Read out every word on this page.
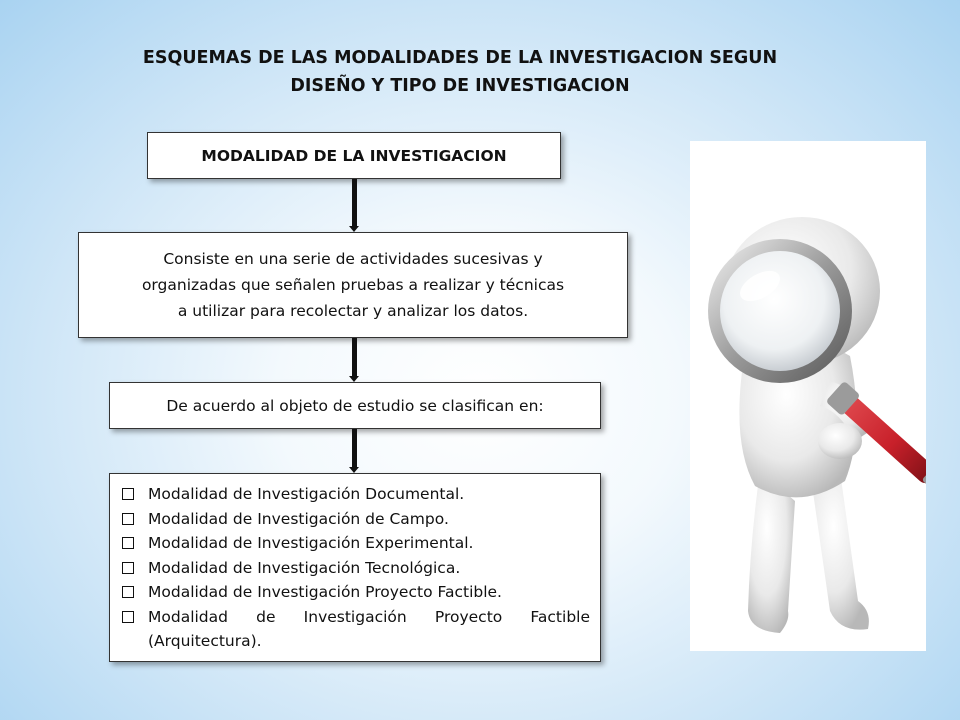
ESQUEMAS DE LAS MODALIDADES DE LA INVESTIGACION SEGUN
DISEÑO Y TIPO DE INVESTIGACION
MODALIDAD DE LA INVESTIGACION
Consiste en una serie de actividades sucesivas y
organizadas que señalen pruebas a realizar y técnicas
a utilizar para recolectar y analizar los datos.
De acuerdo al objeto de estudio se clasifican en:
Modalidad de Investigación Documental.
Modalidad de Investigación de Campo.
Modalidad de Investigación Experimental.
Modalidad de Investigación Tecnológica.
Modalidad de Investigación Proyecto Factible.
Modalidad de Investigación Proyecto Factible
(Arquitectura).
